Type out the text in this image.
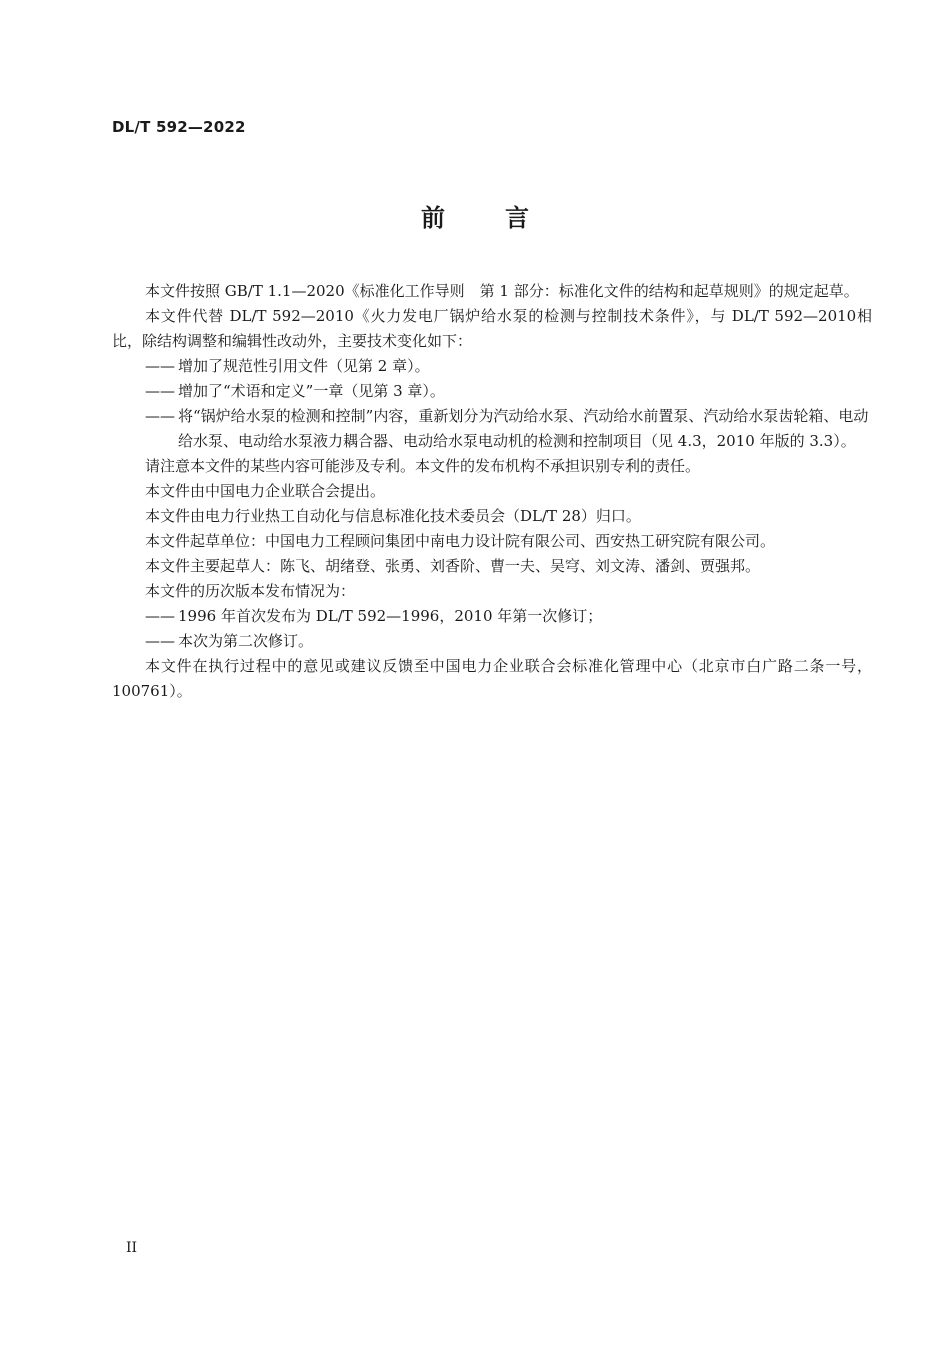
DL/T 592—2022
前言

本文件按照 GB/T 1.1—2020《标准化工作导则　第 1 部分：标准化文件的结构和起草规则》的规定起草。

本文件代替 DL/T 592—2010《火力发电厂锅炉给水泵的检测与控制技术条件》，与 DL/T 592—2010相比，除结构调整和编辑性改动外，主要技术变化如下：

—— 增加了规范性引用文件（见第 2 章）。

—— 增加了“术语和定义”一章（见第 3 章）。

—— 将“锅炉给水泵的检测和控制”内容，重新划分为汽动给水泵、汽动给水前置泵、汽动给水泵齿轮箱、电动给水泵、电动给水泵液力耦合器、电动给水泵电动机的检测和控制项目（见 4.3，2010 年版的 3.3）。

请注意本文件的某些内容可能涉及专利。本文件的发布机构不承担识别专利的责任。

本文件由中国电力企业联合会提出。

本文件由电力行业热工自动化与信息标准化技术委员会（DL/T 28）归口。

本文件起草单位：中国电力工程顾问集团中南电力设计院有限公司、西安热工研究院有限公司。

本文件主要起草人：陈飞、胡绪登、张勇、刘香阶、曹一夫、吴穹、刘文涛、潘剑、贾强邦。

本文件的历次版本发布情况为：

—— 1996 年首次发布为 DL/T 592—1996，2010 年第一次修订；

—— 本次为第二次修订。

本文件在执行过程中的意见或建议反馈至中国电力企业联合会标准化管理中心（北京市白广路二条一号，100761）。

II
